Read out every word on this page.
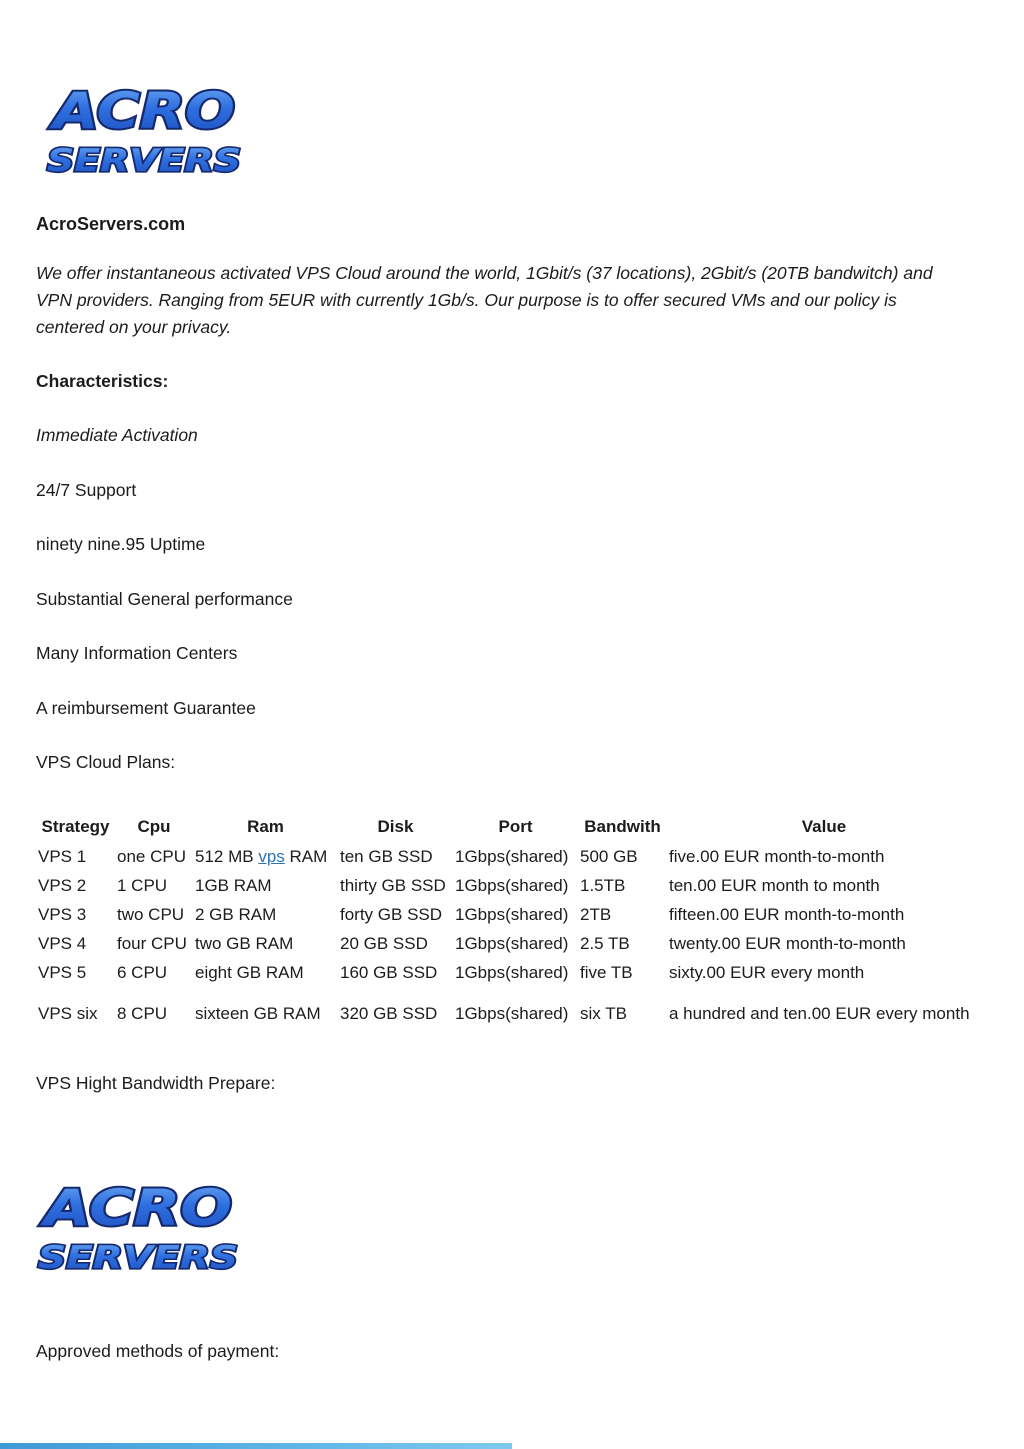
ACRO
SERVERS
AcroServers.com

We offer instantaneous activated VPS Cloud around the world, 1Gbit/s (37 locations), 2Gbit/s (20TB bandwitch) and VPN providers. Ranging from 5EUR with currently 1Gb/s. Our purpose is to offer secured VMs and our policy is centered on your privacy.

Characteristics:

Immediate Activation

24/7 Support

ninety nine.95 Uptime

Substantial General performance

Many Information Centers

A reimbursement Guarantee

VPS Cloud Plans:

Strategy	Cpu	Ram	Disk	Port	Bandwith	Value
VPS 1	one CPU	512 MB vps RAM	ten GB SSD	1Gbps(shared)	500 GB	five.00 EUR month-to-month
VPS 2	1 CPU	1GB RAM	thirty GB SSD	1Gbps(shared)	1.5TB	ten.00 EUR month to month
VPS 3	two CPU	2 GB RAM	forty GB SSD	1Gbps(shared)	2TB	fifteen.00 EUR month-to-month
VPS 4	four CPU	two GB RAM	20 GB SSD	1Gbps(shared)	2.5 TB	twenty.00 EUR month-to-month
VPS 5	6 CPU	eight GB RAM	160 GB SSD	1Gbps(shared)	five TB	sixty.00 EUR every month
VPS six	8 CPU	sixteen GB RAM	320 GB SSD	1Gbps(shared)	six TB	a hundred and ten.00 EUR every month

VPS Hight Bandwidth Prepare:

ACRO
SERVERS

Approved methods of payment:
